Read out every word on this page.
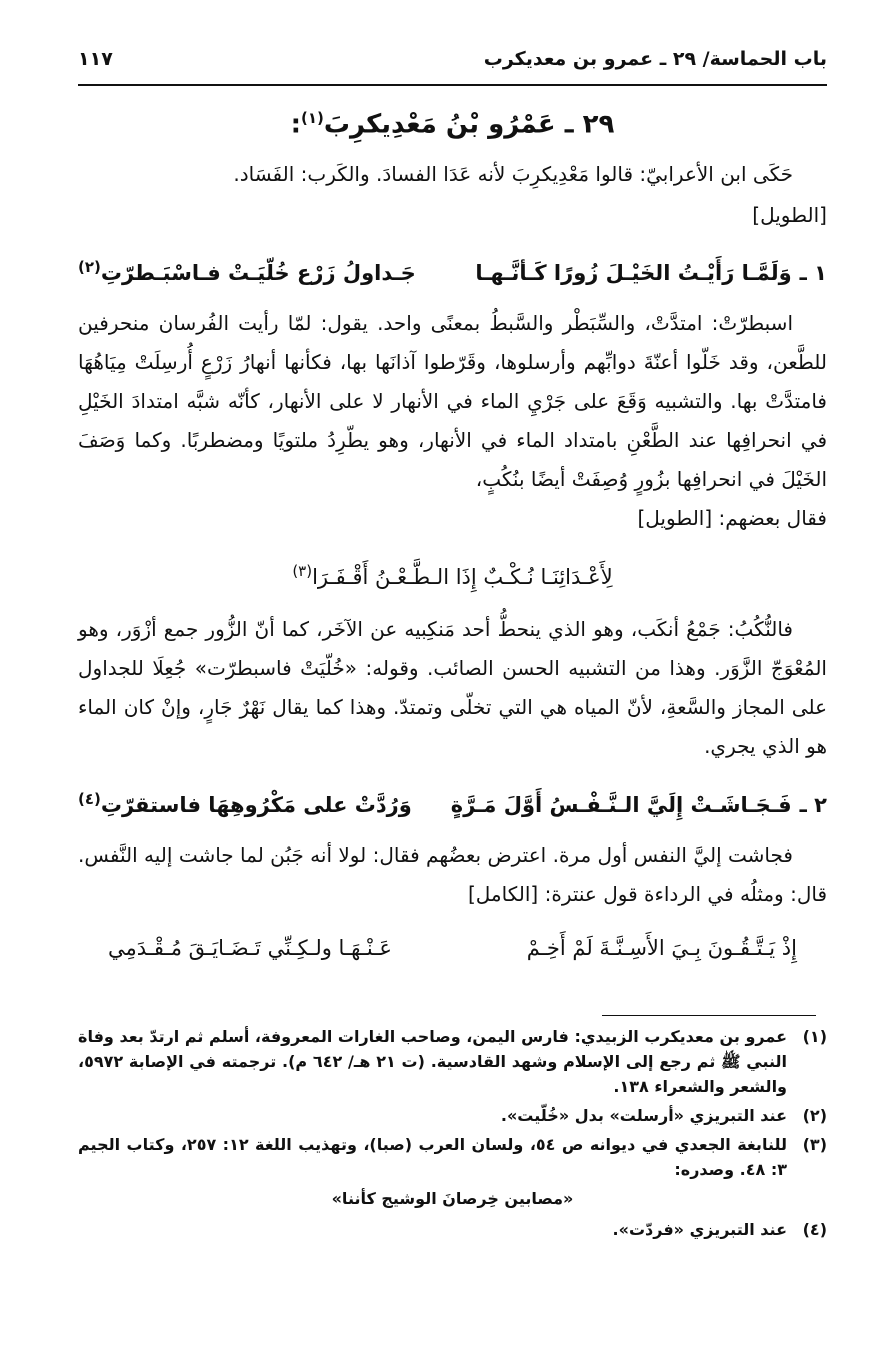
باب الحماسة/ ٢٩ ـ عمرو بن معديكرب
١١٧
٢٩ ـ عَمْرُو بْنُ مَعْدِيكرِبَ$^{(١)}$:

حَكَى ابن الأعرابيّ: قالوا مَعْدِيكرِبَ لأنه عَدَا الفسادَ. والكَرب: الفَسَاد.

[الطويل]

١ ـ
وَلَمَّـا رَأَيْـتُ الخَيْـلَ زُورًا كَـأنَّـهـا
جَـداولُ زَرْع خُلّيَـتْ فـاسْبَـطرّتِ$^{(٢)}$

اسبطرّتْ: امتدَّتْ، والسِّبَطْر والسَّبطُ بمعنًى واحد. يقول: لمّا رأيت الفُرسان منحرفين للطَّعن، وقد خَلّوا أعنّةَ دوابِّهم وأرسلوها، وقَرّطوا آذانَها بها، فكأنها أنهارُ زَرْعٍ أُرسِلَتْ مِيَاهُهَا فامتدَّتْ بها. والتشبيه وَقَعَ على جَرْيِ الماء في الأنهار لا على الأنهار، كأنّه شبَّه امتدادَ الخَيْلِ في انحرافِها عند الطَّعْنِ بامتداد الماء في الأنهار، وهو يطّرِدُ ملتويًا ومضطربًا. وكما وَصَفَ الخَيْلَ في انحرافِها بزُورٍ وُصِفَتْ أيضًا بنُكُبٍ،

فقال بعضهم: [الطويل]

لِأَعْـدَائِنَـا نُـكْـبٌ إِذَا الـطَّـعْـنُ أَقْـفَـرَا$^{(٣)}$

فالنُّكُبُ: جَمْعُ أنكَب، وهو الذي ينحطُّ أحد مَنكِبيه عن الآخَر، كما أنّ الزُّور جمع أزْوَر، وهو المُعْوَجّ الزَّوَر. وهذا من التشبيه الحسن الصائب. وقوله: «خُلّيَتْ فاسبطرّت» جُعِلَا للجداول على المجاز والسَّعةِ، لأنّ المياه هي التي تخلّى وتمتدّ. وهذا كما يقال نَهْرٌ جَارٍ، وإنْ كان الماء هو الذي يجري.

٢ ـ
فَـجَـاشَـتْ إِلَيَّ الـنَّـفْـسُ أَوَّلَ مَـرَّةٍ
وَرُدَّتْ على مَكْرُوهِهَا فاستقرّتِ$^{(٤)}$

فجاشت إليَّ النفس أول مرة. اعترض بعضُهم فقال: لولا أنه جَبُن لما جاشت إليه النَّفس. قال: ومثلُه في الرداءة قول عنترة: [الكامل]

إِذْ يَـتَّـقُـونَ بِـيَ الأَسِـنَّـةَ لَمْ أَخِـمْ
عَـنْـهَـا ولـكِـنِّي تَـضَـايَـقَ مُـقْـدَمِي
(١)
عمرو بن معديكرب الزبيدي: فارس اليمن، وصاحب الغارات المعروفة، أسلم ثم ارتدّ بعد وفاة النبي ﷺ ثم رجع إلى الإسلام وشهد القادسية. (ت ٢١ هـ/ ٦٤٢ م). ترجمته في الإصابة ٥٩٧٢، والشعر والشعراء ١٣٨.
(٢)
عند التبريزي «أرسلت» بدل «خُلّيت».
(٣)
للنابغة الجعدي في ديوانه ص ٥٤، ولسان العرب (صبا)، وتهذيب اللغة ١٢: ٢٥٧، وكتاب الجيم ٣: ٤٨. وصدره:
«مصابين خِرصانَ الوشيج كأننا»
(٤)
عند التبريزي «فردّت».
